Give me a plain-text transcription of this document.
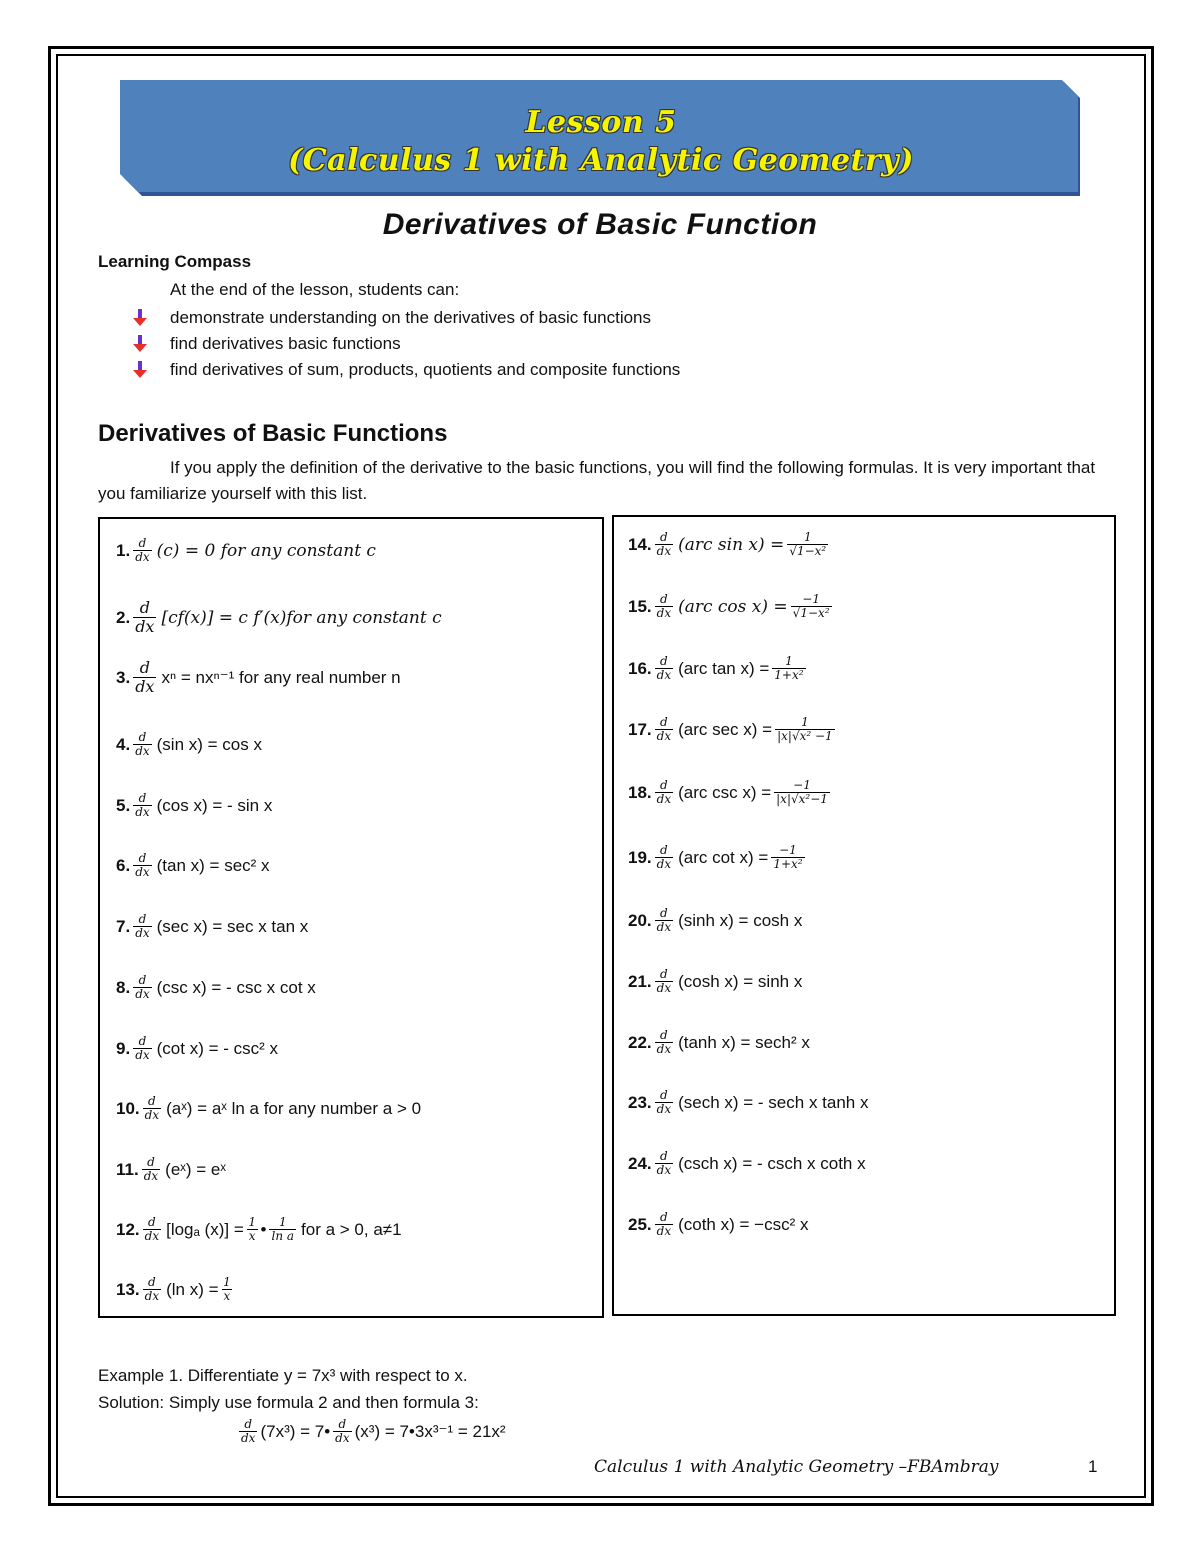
Lesson 5
(Calculus 1 with Analytic Geometry)
Derivatives of Basic Function
Learning Compass
At the end of the lesson, students can:
demonstrate understanding on the derivatives of basic functions
find derivatives basic functions
find derivatives of sum, products, quotients and composite functions
Derivatives of Basic Functions
If you apply the definition of the derivative to the basic functions, you will find the following formulas. It is very important that you familiarize yourself with this list.
1. $\frac{d}{dx} (c) = 0$ for any constant c
2. $\frac{d}{dx} [cf(x)] = c$ f′(x)for any constant c
3. $\frac{d}{dx}$ xⁿ = nxⁿ⁻¹ for any real number n
4. $\frac{d}{dx} (\sin$ x) = cos x
5. $\frac{d}{dx} (\cos$ x) = - sin x
6. $\frac{d}{dx} (\tan$ x) = sec² x
7. $\frac{d}{dx} (\sec$ x) = sec x tan x
8. $\frac{d}{dx} (\csc$ x) = - csc x cot x
9. $\frac{d}{dx} (\cot$ x) = - csc² x
10. $\frac{d}{dx}$ (aˣ) = aˣ ln a for any number a > 0
11. $\frac{d}{dx}$ (eˣ) = eˣ
12. $\frac{d}{dx} [\log_a$ $(x)] = \frac{1}{x}$ • $\frac{1}{\text{ln a}}$ for a > 0, a≠1
13. $\frac{d}{dx} (\ln$ $x) = \frac{1}{x}$
14. $\frac{d}{dx} (arc$ $\sin x) = \frac{1}{\text{√1−x²}}$
15. $\frac{d}{dx} (arc$ $\cos x) = \frac{-1}{\text{√1−x²}}$
16. $\frac{d}{dx} (arc$ $\tan x) = \frac{1}{\text{1+x²}}$
17. $\frac{d}{dx} (arc$ $\sec x) = \frac{1}{\text{|x|√x² −1}}$
18. $\frac{d}{dx} (arc$ $\csc x) = \frac{-1}{\text{|x|√x²−1}}$
19. $\frac{d}{dx} (arc$ $\cot x) = \frac{-1}{\text{1+x²}}$
20. $\frac{d}{dx} (\sinh$ x) = cosh x
21. $\frac{d}{dx} (\cosh$ x) = sinh x
22. $\frac{d}{dx} (\tanh$ x) = sech² x
23. $\frac{d}{dx} (\sec h$ x) = - sech x tanh x
24. $\frac{d}{dx} (\csc h$ x) = - csch x coth x
25. $\frac{d}{dx} (\cot h$ x) = −csc² x
Example 1. Differentiate y = 7x³ with respect to x.
Solution: Simply use formula 2 and then formula 3:
$\frac{d}{dx} (7x^3)$ = 7• $\frac{d}{dx} (x^3)$ = 7•3x³⁻¹ = 21x²
Calculus 1 with Analytic Geometry –FBAmbray	1
